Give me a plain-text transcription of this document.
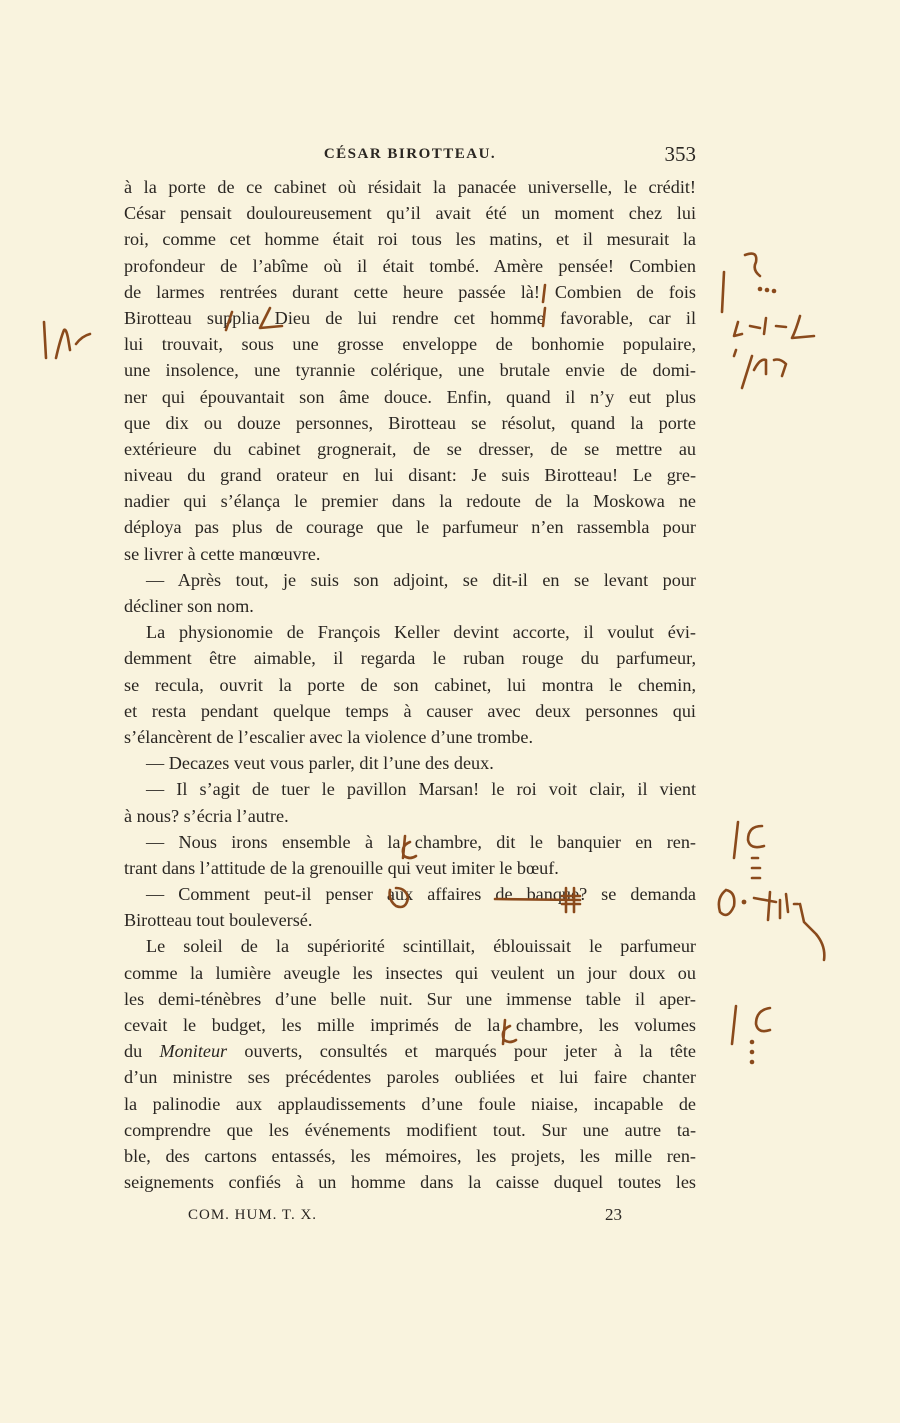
CÉSAR BIROTTEAU.	353
à la porte de ce cabinet où résidait la panacée universelle, le crédit!
César pensait douloureusement qu’il avait été un moment chez lui
roi, comme cet homme était roi tous les matins, et il mesurait la
profondeur de l’abîme où il était tombé. Amère pensée! Combien
de larmes rentrées durant cette heure passée là! Combien de fois
Birotteau supplia Dieu de lui rendre cet homme favorable, car il
lui trouvait, sous une grosse enveloppe de bonhomie populaire,
une insolence, une tyrannie colérique, une brutale envie de domi-
ner qui épouvantait son âme douce. Enfin, quand il n’y eut plus
que dix ou douze personnes, Birotteau se résolut, quand la porte
extérieure du cabinet grognerait, de se dresser, de se mettre au
niveau du grand orateur en lui disant: Je suis Birotteau! Le gre-
nadier qui s’élança le premier dans la redoute de la Moskowa ne
déploya pas plus de courage que le parfumeur n’en rassembla pour
se livrer à cette manœuvre.
— Après tout, je suis son adjoint, se dit-il en se levant pour
décliner son nom.
La physionomie de François Keller devint accorte, il voulut évi-
demment être aimable, il regarda le ruban rouge du parfumeur,
se recula, ouvrit la porte de son cabinet, lui montra le chemin,
et resta pendant quelque temps à causer avec deux personnes qui
s’élancèrent de l’escalier avec la violence d’une trombe.
— Decazes veut vous parler, dit l’une des deux.
— Il s’agit de tuer le pavillon Marsan! le roi voit clair, il vient
à nous? s’écria l’autre.
— Nous irons ensemble à la chambre, dit le banquier en ren-
trant dans l’attitude de la grenouille qui veut imiter le bœuf.
— Comment peut-il penser aux affaires de banque? se demanda
Birotteau tout bouleversé.
Le soleil de la supériorité scintillait, éblouissait le parfumeur
comme la lumière aveugle les insectes qui veulent un jour doux ou
les demi-ténèbres d’une belle nuit. Sur une immense table il aper-
cevait le budget, les mille imprimés de la chambre, les volumes
du Moniteur ouverts, consultés et marqués pour jeter à la tête
d’un ministre ses précédentes paroles oubliées et lui faire chanter
la palinodie aux applaudissements d’une foule niaise, incapable de
comprendre que les événements modifient tout. Sur une autre ta-
ble, des cartons entassés, les mémoires, les projets, les mille ren-
seignements confiés à un homme dans la caisse duquel toutes les
COM. HUM. T. X.	23
